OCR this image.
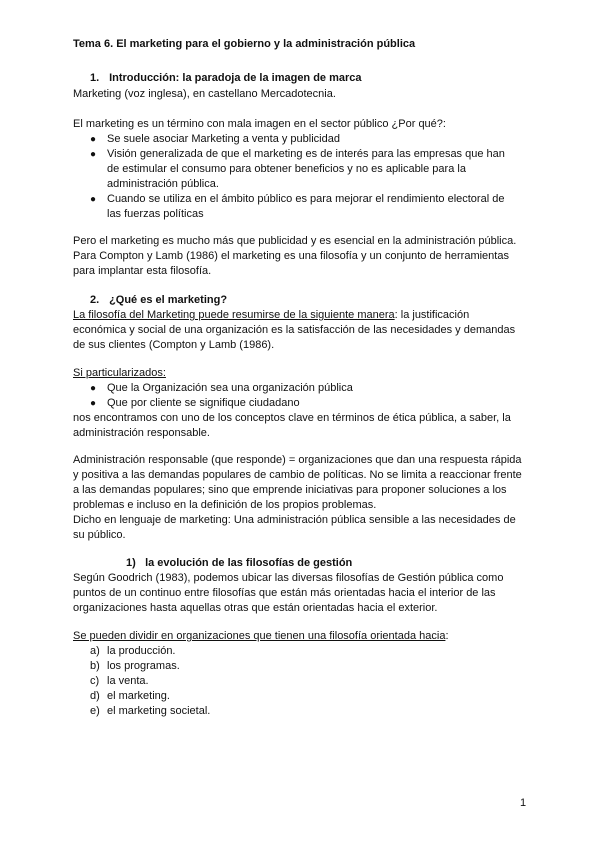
Tema 6. El marketing para el gobierno y la administración pública
1. Introducción: la paradoja de la imagen de marca
Marketing (voz inglesa), en castellano Mercadotecnia.
El marketing es un término con mala imagen en el sector público ¿Por qué?:
● Se suele asociar Marketing a venta y publicidad
● Visión generalizada de que el marketing es de interés para las empresas que han
de estimular el consumo para obtener beneficios y no es aplicable para la
administración pública.
● Cuando se utiliza en el ámbito público es para mejorar el rendimiento electoral de
las fuerzas políticas
Pero el marketing es mucho más que publicidad y es esencial en la administración pública.
Para Compton y Lamb (1986) el marketing es una filosofía y un conjunto de herramientas
para implantar esta filosofía.
2. ¿Qué es el marketing?
La filosofía del Marketing puede resumirse de la siguiente manera: la justificación
económica y social de una organización es la satisfacción de las necesidades y demandas
de sus clientes (Compton y Lamb (1986).
Si particularizados:
● Que la Organización sea una organización pública
● Que por cliente se signifique ciudadano
nos encontramos con uno de los conceptos clave en términos de ética pública, a saber, la
administración responsable.
Administración responsable (que responde) = organizaciones que dan una respuesta rápida
y positiva a las demandas populares de cambio de políticas. No se limita a reaccionar frente
a las demandas populares; sino que emprende iniciativas para proponer soluciones a los
problemas e incluso en la definición de los propios problemas.
Dicho en lenguaje de marketing: Una administración pública sensible a las necesidades de
su público.
1) la evolución de las filosofías de gestión
Según Goodrich (1983), podemos ubicar las diversas filosofías de Gestión pública como
puntos de un continuo entre filosofías que están más orientadas hacia el interior de las
organizaciones hasta aquellas otras que están orientadas hacia el exterior.
Se pueden dividir en organizaciones que tienen una filosofía orientada hacia:
a) la producción.
b) los programas.
c) la venta.
d) el marketing.
e) el marketing societal.
1
